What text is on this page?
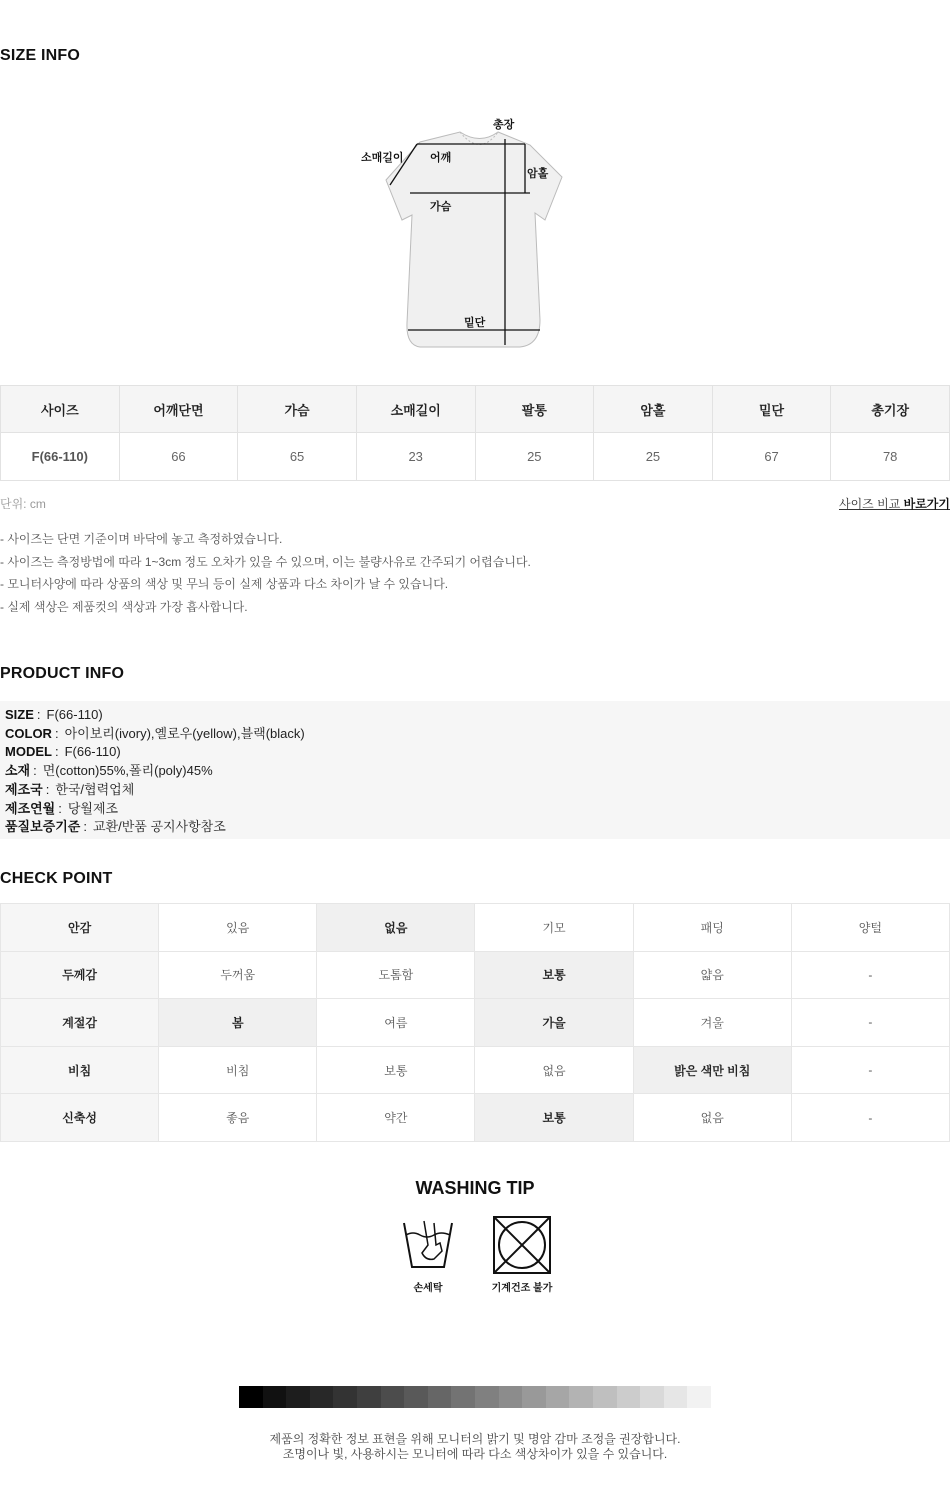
SIZE INFO
총장
소매길이 어깨
암홀
가슴
밑단
사이즈	어깨단면	가슴	소매길이	팔통	암홀	밑단	총기장
F(66-110)	66	65	23	25	25	67	78
단위: cm	사이즈 비교 바로가기
- 사이즈는 단면 기준이며 바닥에 놓고 측정하였습니다.
- 사이즈는 측정방법에 따라 1~3cm 정도 오차가 있을 수 있으며, 이는 불량사유로 간주되기 어렵습니다.
- 모니터사양에 따라 상품의 색상 및 무늬 등이 실제 상품과 다소 차이가 날 수 있습니다.
- 실제 색상은 제품컷의 색상과 가장 흡사합니다.
PRODUCT INFO
SIZE : F(66-110)
COLOR : 아이보리(ivory),옐로우(yellow),블랙(black)
MODEL : F(66-110)
소재 : 면(cotton)55%,폴리(poly)45%
제조국 : 한국/협력업체
제조연월 : 당월제조
품질보증기준 : 교환/반품 공지사항참조
CHECK POINT
안감	있음	없음	기모	패딩	양털
두께감	두꺼움	도톰함	보통	얇음	-
계절감	봄	여름	가을	겨울	-
비침	비침	보통	없음	밝은 색만 비침	-
신축성	좋음	약간	보통	없음	-
WASHING TIP
손세탁	기계건조 불가
제품의 정확한 정보 표현을 위해 모니터의 밝기 및 명암 감마 조정을 권장합니다.
조명이나 빛, 사용하시는 모니터에 따라 다소 색상차이가 있을 수 있습니다.
